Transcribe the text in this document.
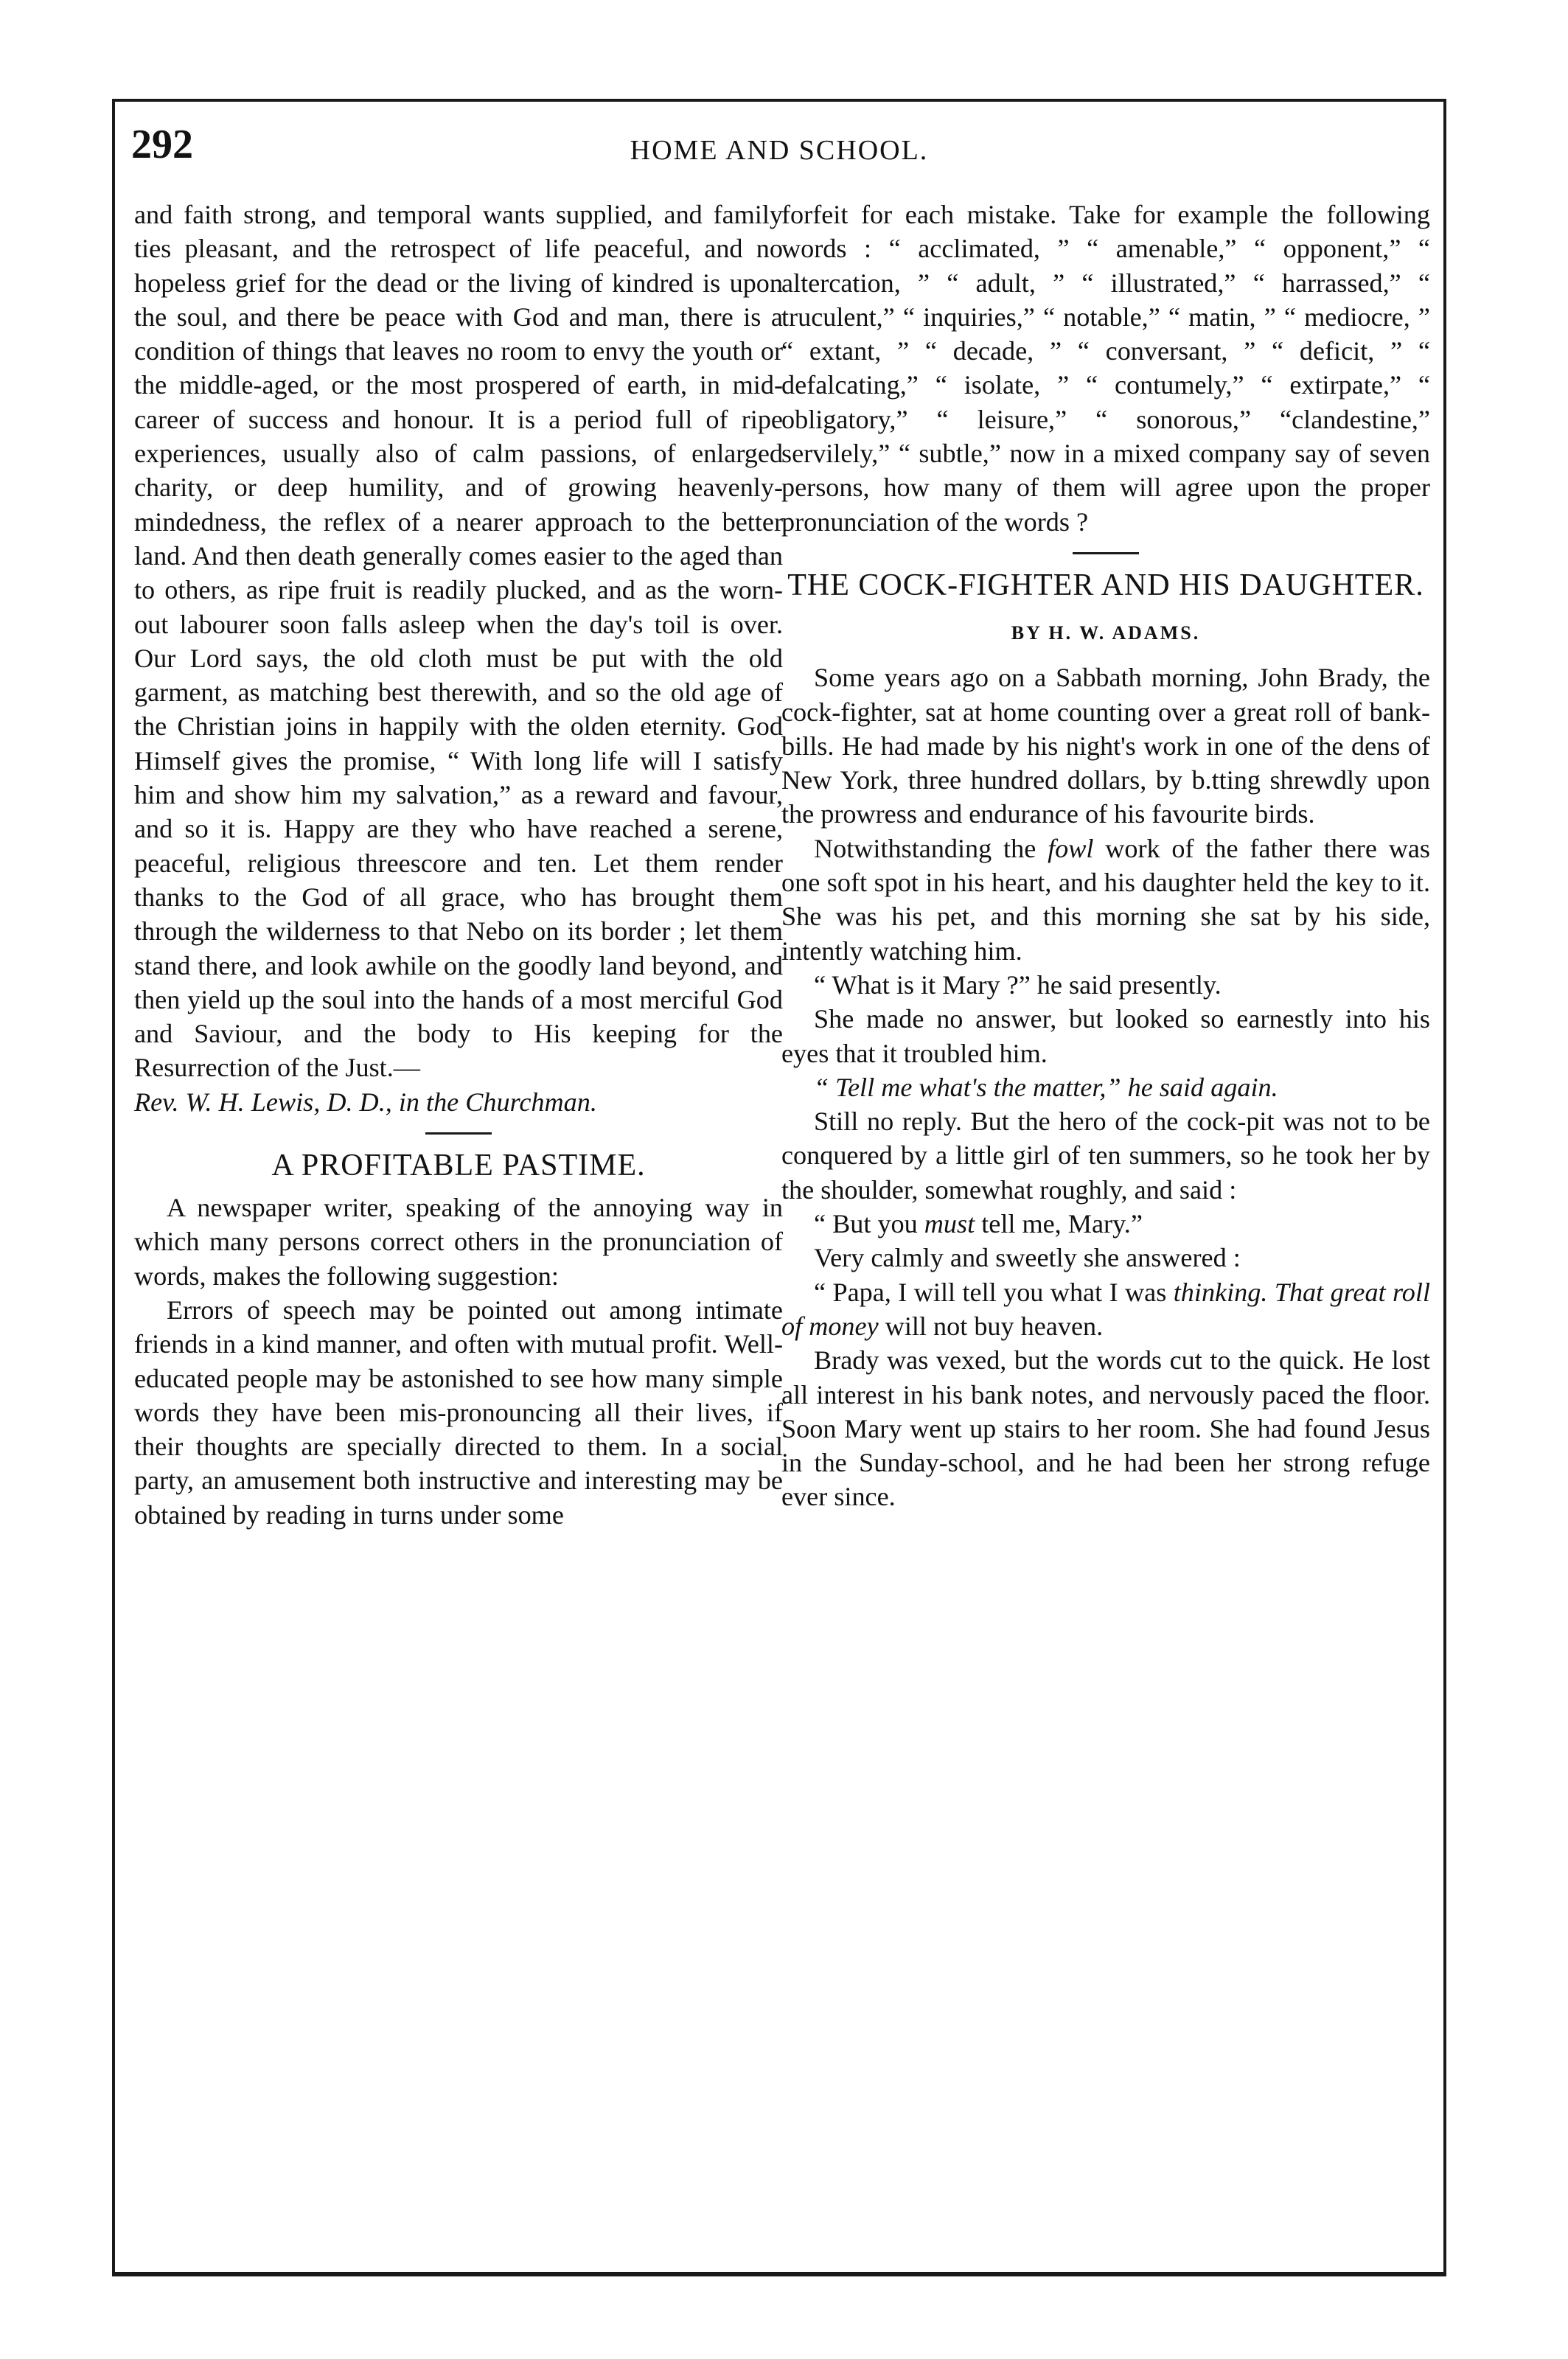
292	HOME AND SCHOOL.

and faith strong, and temporal wants supplied, and family ties pleasant, and the retrospect of life peaceful, and no hopeless grief for the dead or the living of kindred is upon the soul, and there be peace with God and man, there is a condition of things that leaves no room to envy the youth or the middle-aged, or the most prospered of earth, in mid-career of success and honour. It is a period full of ripe experiences, usually also of calm passions, of enlarged charity, or deep humility, and of growing heavenly-mindedness, the reflex of a nearer approach to the better land. And then death generally comes easier to the aged than to others, as ripe fruit is readily plucked, and as the worn-out labourer soon falls asleep when the day's toil is over. Our Lord says, the old cloth must be put with the old garment, as matching best therewith, and so the old age of the Christian joins in happily with the olden eternity. God Himself gives the promise, “ With long life will I satisfy him and show him my salvation,” as a reward and favour, and so it is. Happy are they who have reached a serene, peaceful, religious threescore and ten. Let them render thanks to the God of all grace, who has brought them through the wilderness to that Nebo on its border ; let them stand there, and look awhile on the goodly land beyond, and then yield up the soul into the hands of a most merciful God and Saviour, and the body to His keeping for the Resurrection of the Just.—

Rev. W. H. Lewis, D. D., in the Churchman.

A PROFITABLE PASTIME.

A newspaper writer, speaking of the annoying way in which many persons correct others in the pronunciation of words, makes the following suggestion:

Errors of speech may be pointed out among intimate friends in a kind manner, and often with mutual profit. Well-educated people may be astonished to see how many simple words they have been mis-pronouncing all their lives, if their thoughts are specially directed to them. In a social party, an amusement both instructive and interesting may be obtained by reading in turns under some

forfeit for each mistake. Take for example the following words : “ acclimated, ” “ amenable,” “ opponent,” “ altercation, ” “ adult, ” “ illustrated,” “ harrassed,” “ truculent,” “ inquiries,” “ notable,” “ matin, ” “ mediocre, ” “ extant, ” “ decade, ” “ conversant, ” “ deficit, ” “ defalcating,” “ isolate, ” “ contumely,” “ extirpate,” “ obligatory,” “ leisure,” “ sonorous,” “clandestine,” servilely,” “ subtle,” now in a mixed company say of seven persons, how many of them will agree upon the proper pronunciation of the words ?

THE COCK-FIGHTER AND HIS DAUGHTER.
BY H. W. ADAMS.

Some years ago on a Sabbath morning, John Brady, the cock-fighter, sat at home counting over a great roll of bank-bills. He had made by his night's work in one of the dens of New York, three hundred dollars, by b.tting shrewdly upon the prowress and endurance of his favourite birds.

Notwithstanding the fowl work of the father there was one soft spot in his heart, and his daughter held the key to it. She was his pet, and this morning she sat by his side, intently watching him.

“ What is it Mary ?” he said presently.

She made no answer, but looked so earnestly into his eyes that it troubled him.

“ Tell me what's the matter,” he said again.

Still no reply. But the hero of the cock-pit was not to be conquered by a little girl of ten summers, so he took her by the shoulder, somewhat roughly, and said :

“ But you must tell me, Mary.”

Very calmly and sweetly she answered :

“ Papa, I will tell you what I was thinking. That great roll of money will not buy heaven.

Brady was vexed, but the words cut to the quick. He lost all interest in his bank notes, and nervously paced the floor. Soon Mary went up stairs to her room. She had found Jesus in the Sunday-school, and he had been her strong refuge ever since.
